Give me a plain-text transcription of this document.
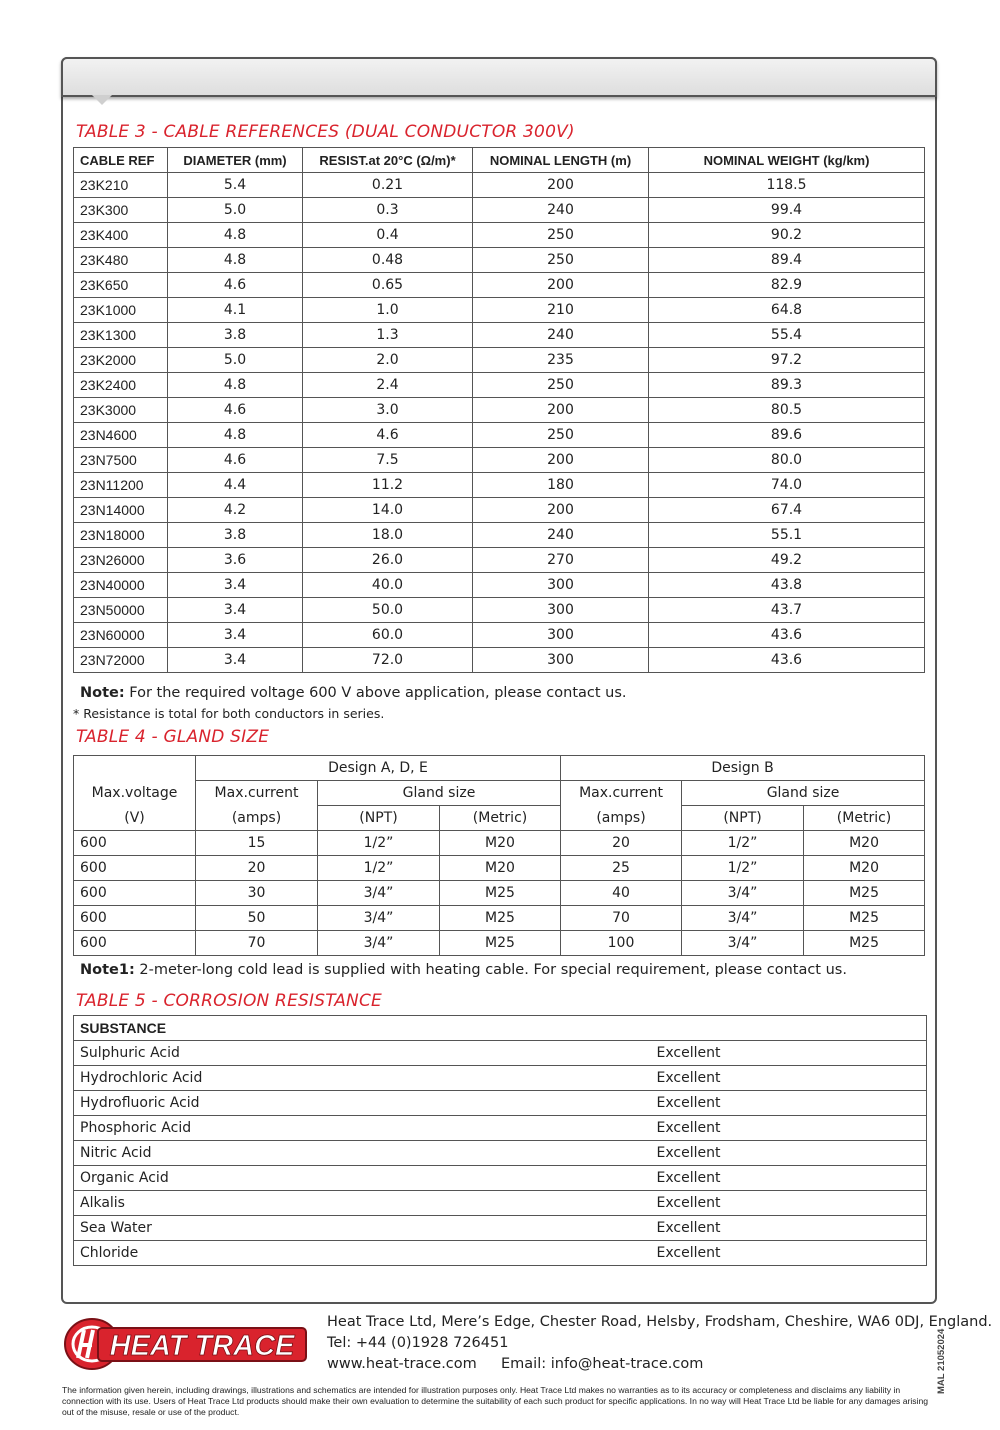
TABLE 3 - CABLE REFERENCES (DUAL CONDUCTOR 300V)
CABLE REF	DIAMETER (mm)	RESIST.at 20°C (Ω/m)*	NOMINAL LENGTH (m)	NOMINAL WEIGHT (kg/km)
23K210	5.4	0.21	200	118.5
23K300	5.0	0.3	240	99.4
23K400	4.8	0.4	250	90.2
23K480	4.8	0.48	250	89.4
23K650	4.6	0.65	200	82.9
23K1000	4.1	1.0	210	64.8
23K1300	3.8	1.3	240	55.4
23K2000	5.0	2.0	235	97.2
23K2400	4.8	2.4	250	89.3
23K3000	4.6	3.0	200	80.5
23N4600	4.8	4.6	250	89.6
23N7500	4.6	7.5	200	80.0
23N11200	4.4	11.2	180	74.0
23N14000	4.2	14.0	200	67.4
23N18000	3.8	18.0	240	55.1
23N26000	3.6	26.0	270	49.2
23N40000	3.4	40.0	300	43.8
23N50000	3.4	50.0	300	43.7
23N60000	3.4	60.0	300	43.6
23N72000	3.4	72.0	300	43.6

Note: For the required voltage 600 V above application, please contact us.

* Resistance is total for both conductors in series.

TABLE 4 - GLAND SIZE
	Design A, D, E			Design B		
Max.voltage	Max.current	Gland size		Max.current	Gland size	
(V)	(amps)	(NPT)	(Metric)	(amps)	(NPT)	(Metric)
600	15	1/2”	M20	20	1/2”	M20
600	20	1/2”	M20	25	1/2”	M20
600	30	3/4”	M25	40	3/4”	M25
600	50	3/4”	M25	70	3/4”	M25
600	70	3/4”	M25	100	3/4”	M25

Note1: 2-meter-long cold lead is supplied with heating cable. For special requirement, please contact us.

TABLE 5 - CORROSION RESISTANCE
SUBSTANCE	
Sulphuric Acid	Excellent
Hydrochloric Acid	Excellent
Hydrofluoric Acid	Excellent
Phosphoric Acid	Excellent
Nitric Acid	Excellent
Organic Acid	Excellent
Alkalis	Excellent
Sea Water	Excellent
Chloride	Excellent
HEAT TRACE

Heat Trace Ltd, Mere’s Edge, Chester Road, Helsby, Frodsham, Cheshire, WA6 0DJ, England.

Tel: +44 (0)1928 726451

www.heat-trace.com Email: info@heat-trace.com

The information given herein, including drawings, illustrations and schematics are intended for illustration purposes only. Heat Trace Ltd makes no warranties as to its accuracy or completeness and disclaims any liability in connection with its use. Users of Heat Trace Ltd products should make their own evaluation to determine the suitability of each such product for specific applications. In no way will Heat Trace Ltd be liable for any damages arising out of the misuse, resale or use of the product.

MAL 21052024
